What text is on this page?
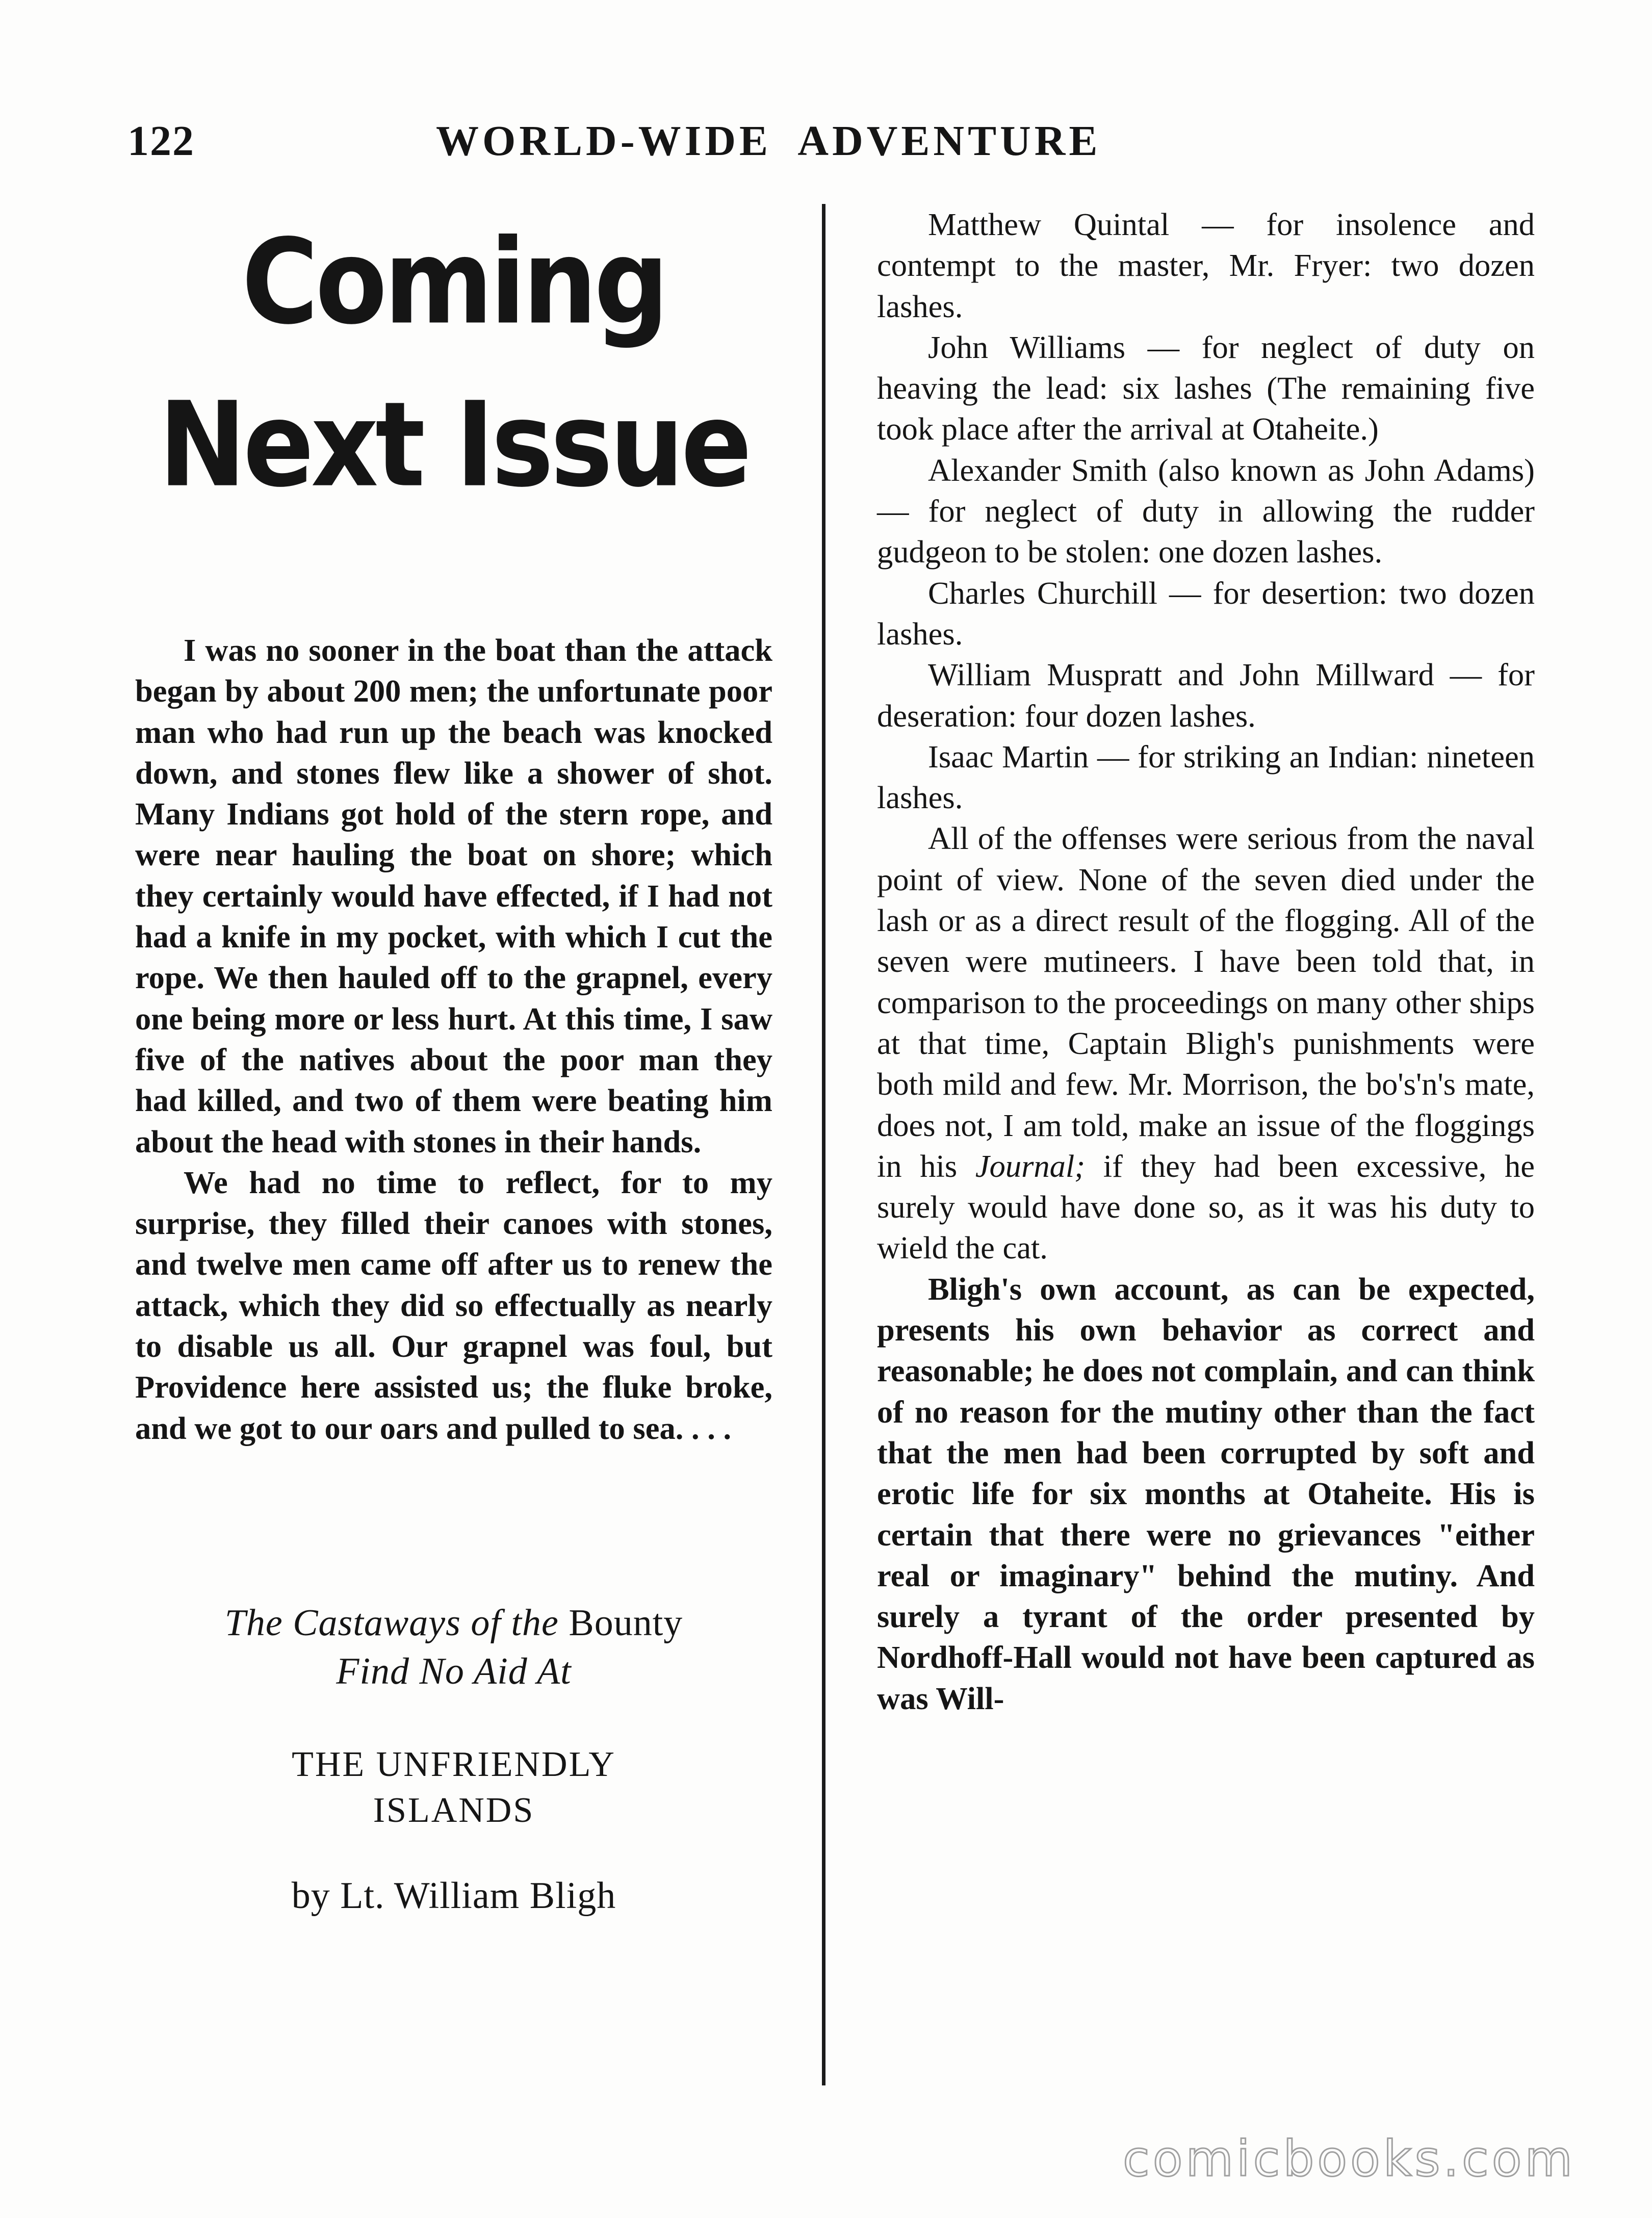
122	WORLD-WIDE  ADVENTURE
Coming
Next Issue

I was no sooner in the boat than the attack began by about 200 men; the unfortunate poor man who had run up the beach was knocked down, and stones flew like a shower of shot. Many Indians got hold of the stern rope, and were near hauling the boat on shore; which they certainly would have effected, if I had not had a knife in my pocket, with which I cut the rope. We then hauled off to the grapnel, every one being more or less hurt. At this time, I saw five of the natives about the poor man they had killed, and two of them were beating him about the head with stones in their hands.

We had no time to reflect, for to my surprise, they filled their canoes with stones, and twelve men came off after us to renew the attack, which they did so effectually as nearly to disable us all. Our grapnel was foul, but Providence here assisted us; the fluke broke, and we got to our oars and pulled to sea. . . .

The Castaways of the Bounty
Find No Aid At
THE UNFRIENDLY
ISLANDS
by Lt. William Bligh

Matthew Quintal — for insolence and contempt to the master, Mr. Fryer: two dozen lashes.

John Williams — for neglect of duty on heaving the lead: six lashes (The remaining five took place after the arrival at Otaheite.)

Alexander Smith (also known as John Adams) — for neglect of duty in allowing the rudder gudgeon to be stolen: one dozen lashes.

Charles Churchill — for desertion: two dozen lashes.

William Muspratt and John Millward — for deseration: four dozen lashes.

Isaac Martin — for striking an Indian: nineteen lashes.

All of the offenses were serious from the naval point of view. None of the seven died under the lash or as a direct result of the flogging. All of the seven were mutineers. I have been told that, in comparison to the proceedings on many other ships at that time, Captain Bligh's punishments were both mild and few. Mr. Morrison, the bo's'n's mate, does not, I am told, make an issue of the floggings in his Journal; if they had been excessive, he surely would have done so, as it was his duty to wield the cat.

Bligh's own account, as can be expected, presents his own behavior as correct and reasonable; he does not complain, and can think of no reason for the mutiny other than the fact that the men had been corrupted by soft and erotic life for six months at Otaheite. His is certain that there were no grievances "either real or imaginary" behind the mutiny. And surely a tyrant of the order presented by Nordhoff-Hall would not have been captured as was Will-

comicbooks.com
